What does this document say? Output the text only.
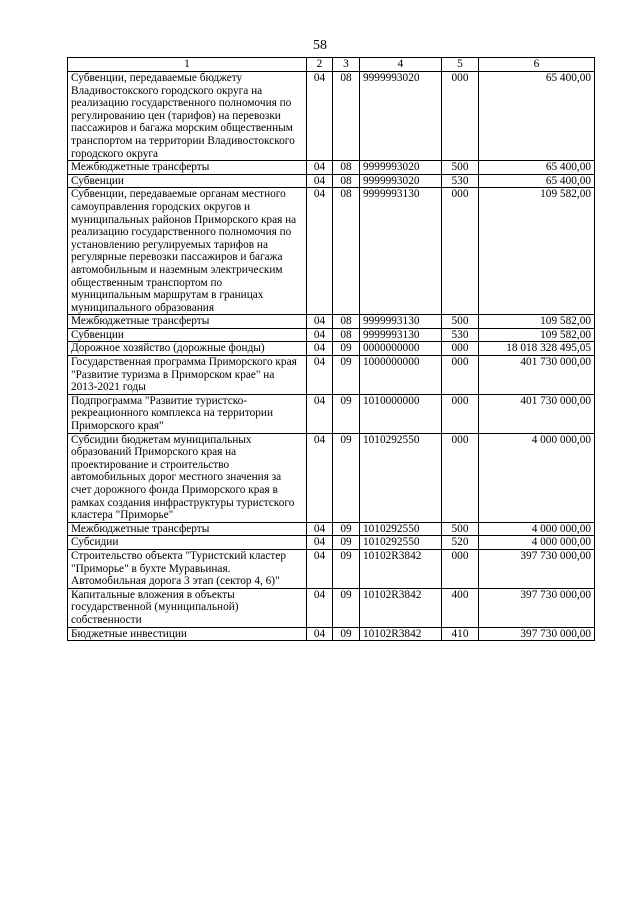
58
1	2	3	4	5	6
Субвенции, передаваемые бюджету Владивостокского городского округа на реализацию государственного полномочия по регулированию цен (тарифов) на перевозки пассажиров и багажа морским общественным транспортом на территории Владивостокского городского округа	04	08	9999993020	000	65 400,00
Межбюджетные трансферты	04	08	9999993020	500	65 400,00
Субвенции	04	08	9999993020	530	65 400,00
Субвенции, передаваемые органам местного самоуправления городских округов и муниципальных районов Приморского края на реализацию государственного полномочия по установлению регулируемых тарифов на регулярные перевозки пассажиров и багажа автомобильным и наземным электрическим общественным транспортом по муниципальным маршрутам в границах муниципального образования	04	08	9999993130	000	109 582,00
Межбюджетные трансферты	04	08	9999993130	500	109 582,00
Субвенции	04	08	9999993130	530	109 582,00
Дорожное хозяйство (дорожные фонды)	04	09	0000000000	000	18 018 328 495,05
Государственная программа Приморского края "Развитие туризма в Приморском крае" на 2013-2021 годы	04	09	1000000000	000	401 730 000,00
Подпрограмма "Развитие туристско-рекреационного комплекса на территории Приморского края"	04	09	1010000000	000	401 730 000,00
Субсидии бюджетам муниципальных образований Приморского края на проектирование и строительство автомобильных дорог местного значения за счет дорожного фонда Приморского края в рамках создания инфраструктуры туристского кластера "Приморье"	04	09	1010292550	000	4 000 000,00
Межбюджетные трансферты	04	09	1010292550	500	4 000 000,00
Субсидии	04	09	1010292550	520	4 000 000,00
Строительство объекта "Туристский кластер "Приморье" в бухте Муравьиная. Автомобильная дорога 3 этап (сектор 4, 6)"	04	09	10102R3842	000	397 730 000,00
Капитальные вложения в объекты государственной (муниципальной) собственности	04	09	10102R3842	400	397 730 000,00
Бюджетные инвестиции	04	09	10102R3842	410	397 730 000,00
